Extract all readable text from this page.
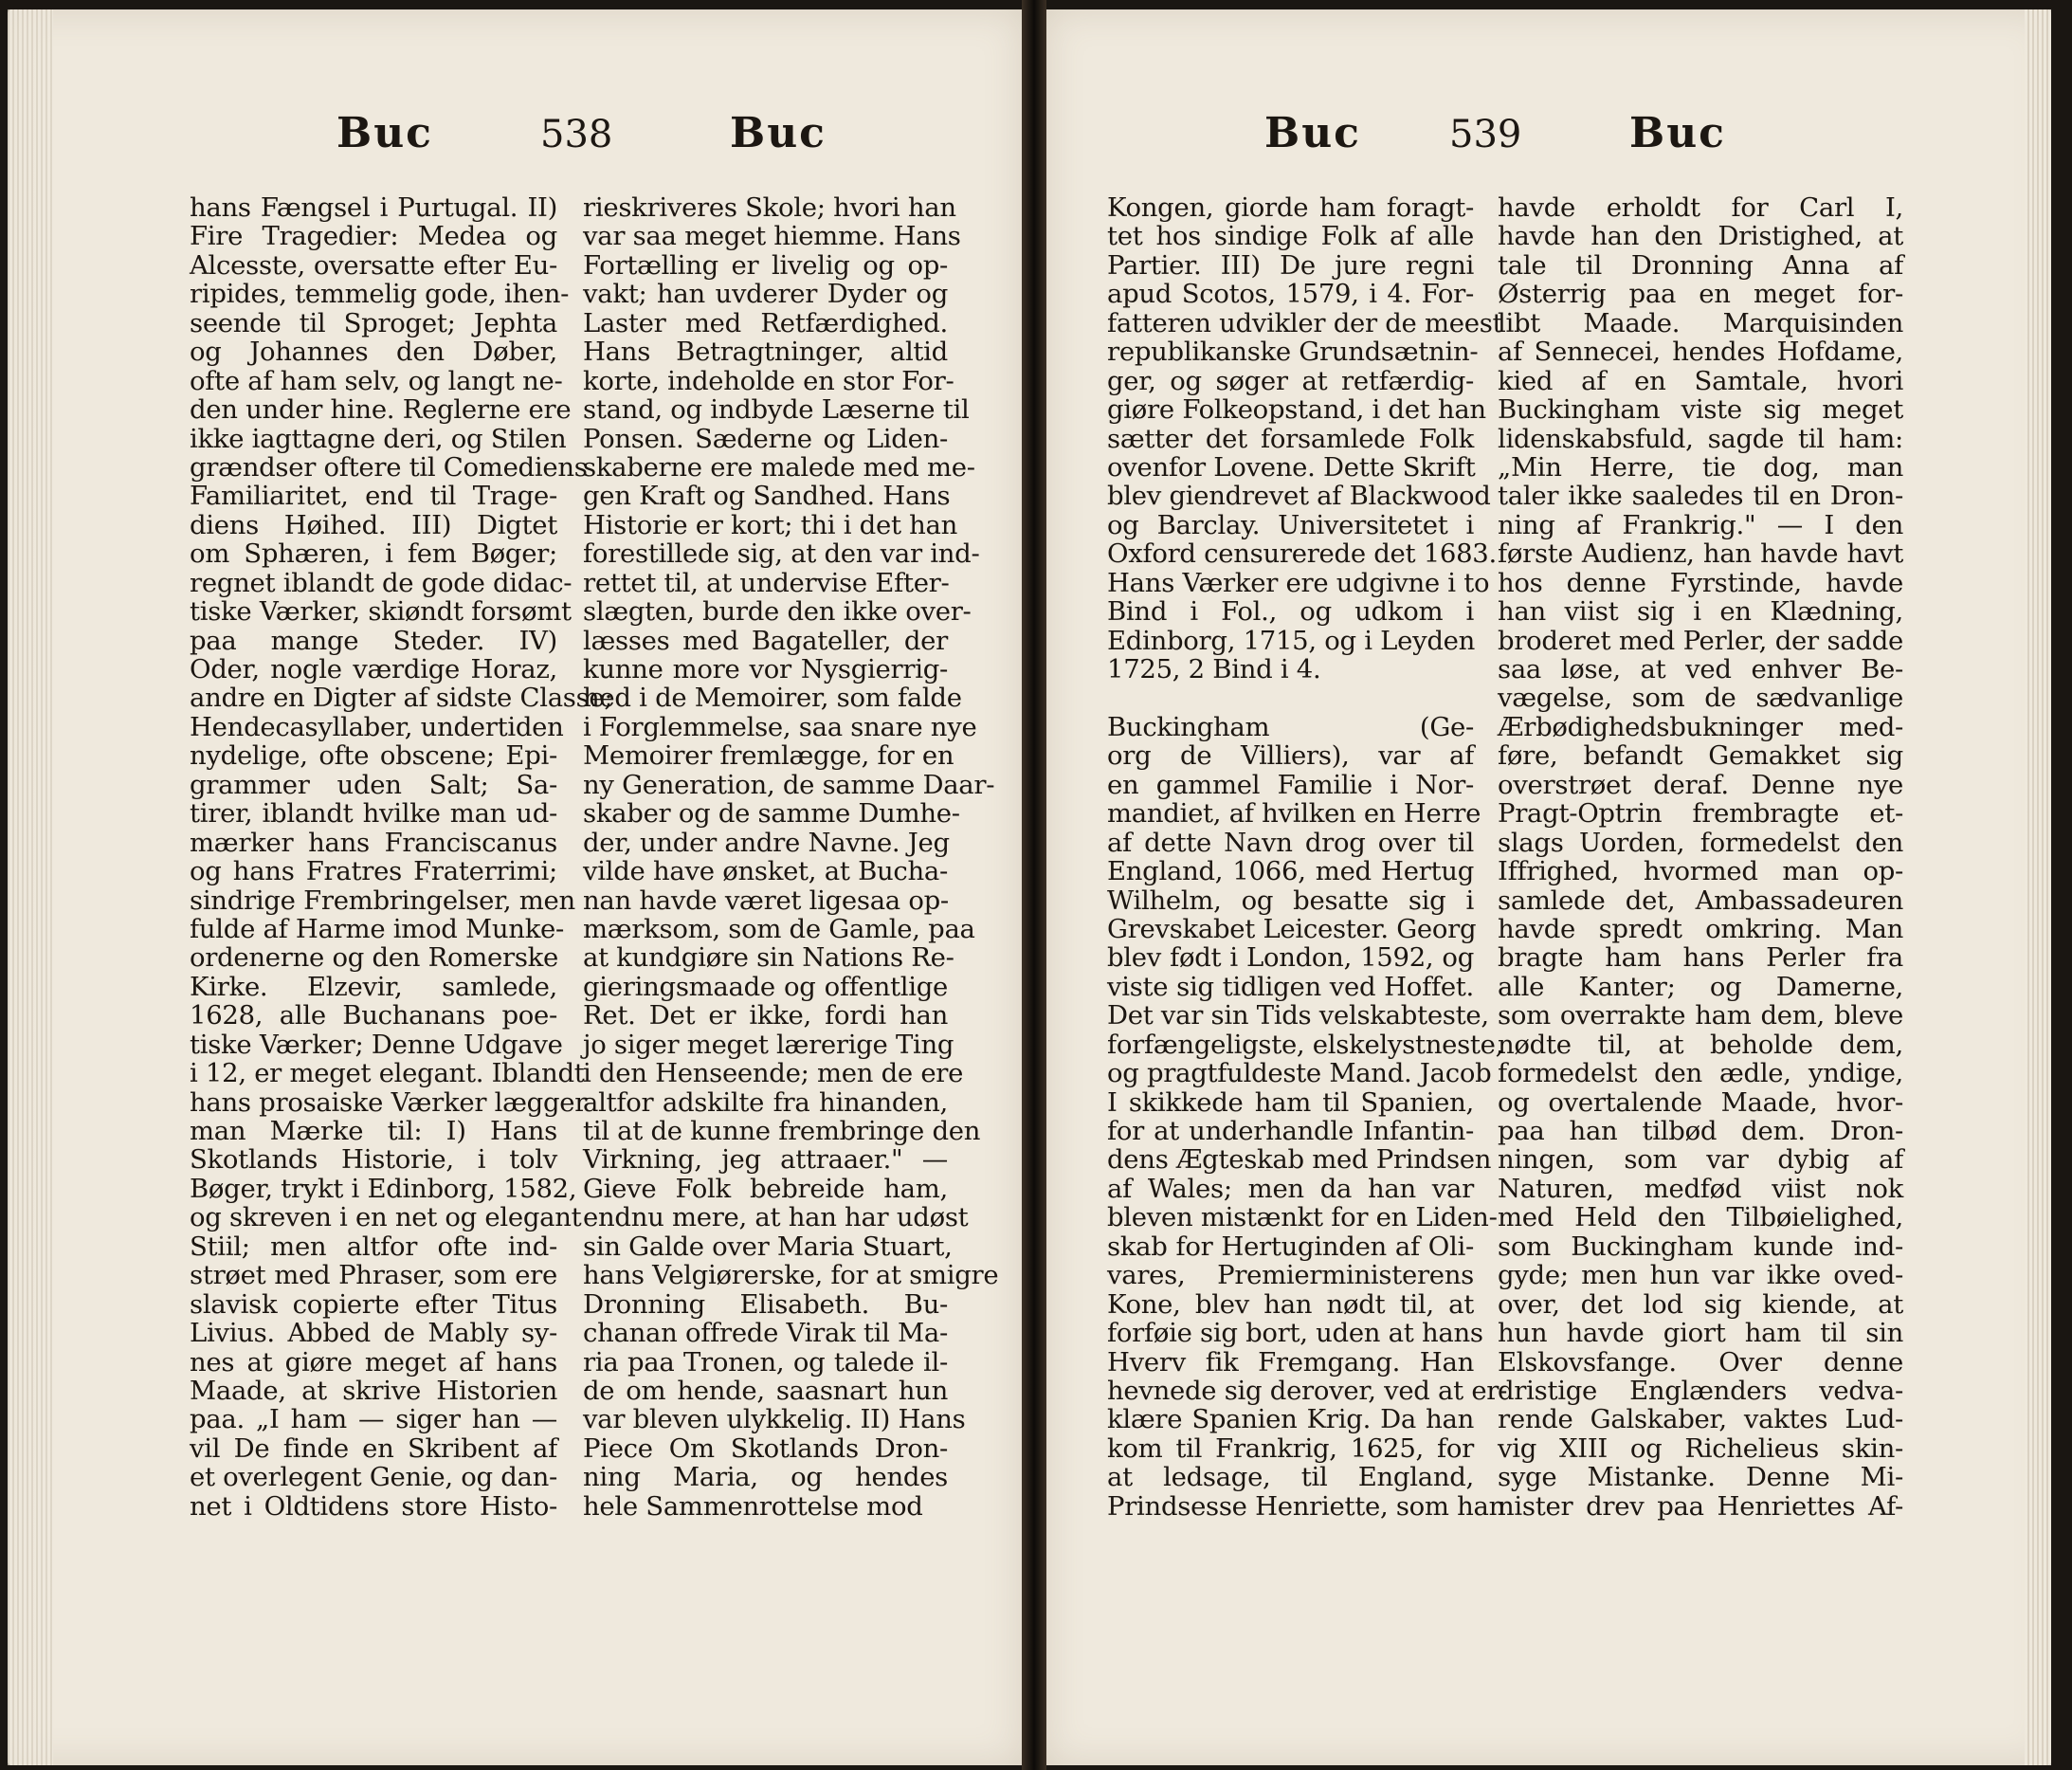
Buc	538	Buc	Buc 539	Buc
hans Fængsel i Purtugal. II)
Fire Tragedier: Medea og
Alcesste, oversatte efter Eu-
ripides, temmelig gode, ihen-
seende til Sproget; Jephta
og Johannes den Døber,
ofte af ham selv, og langt ne-
den under hine. Reglerne ere
ikke iagttagne deri, og Stilen
grændser oftere til Comediens
Familiaritet, end til Trage-
diens Høihed. III) Digtet
om Sphæren, i fem Bøger;
regnet iblandt de gode didac-
tiske Værker, skiøndt forsømt
paa mange Steder. IV)
Oder, nogle værdige Horaz,
andre en Digter af sidste Classe;
Hendecasyllaber, undertiden
nydelige, ofte obscene; Epi-
grammer uden Salt; Sa-
tirer, iblandt hvilke man ud-
mærker hans Franciscanus
og hans Fratres Fraterrimi;
sindrige Frembringelser, men
fulde af Harme imod Munke-
ordenerne og den Romerske
Kirke. Elzevir, samlede,
1628, alle Buchanans poe-
tiske Værker; Denne Udgave
i 12, er meget elegant. Iblandt
hans prosaiske Værker lægger
man Mærke til: I) Hans
Skotlands Historie, i tolv
Bøger, trykt i Edinborg, 1582,
og skreven i en net og elegant
Stiil; men altfor ofte ind-
strøet med Phraser, som ere
slavisk copierte efter Titus
Livius. Abbed de Mably sy-
nes at giøre meget af hans
Maade, at skrive Historien
paa. „I ham — siger han —
vil De finde en Skribent af
et overlegent Genie, og dan-
net i Oldtidens store Histo-
rieskriveres Skole; hvori han
var saa meget hiemme. Hans
Fortælling er livelig og op-
vakt; han uvderer Dyder og
Laster med Retfærdighed.
Hans Betragtninger, altid
korte, indeholde en stor For-
stand, og indbyde Læserne til
Ponsen. Sæderne og Liden-
skaberne ere malede med me-
gen Kraft og Sandhed. Hans
Historie er kort; thi i det han
forestillede sig, at den var ind-
rettet til, at undervise Efter-
slægten, burde den ikke over-
læsses med Bagateller, der
kunne more vor Nysgierrig-
hed i de Memoirer, som falde
i Forglemmelse, saa snare nye
Memoirer fremlægge, for en
ny Generation, de samme Daar-
skaber og de samme Dumhe-
der, under andre Navne. Jeg
vilde have ønsket, at Bucha-
nan havde været ligesaa op-
mærksom, som de Gamle, paa
at kundgiøre sin Nations Re-
gieringsmaade og offentlige
Ret. Det er ikke, fordi han
jo siger meget lærerige Ting
i den Henseende; men de ere
altfor adskilte fra hinanden,
til at de kunne frembringe den
Virkning, jeg attraaer." —
Gieve Folk bebreide ham,
endnu mere, at han har udøst
sin Galde over Maria Stuart,
hans Velgiørerske, for at smigre
Dronning Elisabeth. Bu-
chanan offrede Virak til Ma-
ria paa Tronen, og talede il-
de om hende, saasnart hun
var bleven ulykkelig. II) Hans
Piece Om Skotlands Dron-
ning Maria, og hendes
hele Sammenrottelse mod
Kongen, giorde ham foragt-
tet hos sindige Folk af alle
Partier. III) De jure regni
apud Scotos, 1579, i 4. For-
fatteren udvikler der de meest
republikanske Grundsætnin-
ger, og søger at retfærdig-
giøre Folkeopstand, i det han
sætter det forsamlede Folk
ovenfor Lovene. Dette Skrift
blev giendrevet af Blackwood
og Barclay. Universitetet i
Oxford censurerede det 1683.
Hans Værker ere udgivne i to
Bind i Fol., og udkom i
Edinborg, 1715, og i Leyden
1725, 2 Bind i 4.

Buckingham (Ge-
org de Villiers), var af
en gammel Familie i Nor-
mandiet, af hvilken en Herre
af dette Navn drog over til
England, 1066, med Hertug
Wilhelm, og besatte sig i
Grevskabet Leicester. Georg
blev født i London, 1592, og
viste sig tidligen ved Hoffet.
Det var sin Tids velskabteste,
forfængeligste, elskelystneste,
og pragtfuldeste Mand. Jacob
I skikkede ham til Spanien,
for at underhandle Infantin-
dens Ægteskab med Prindsen
af Wales; men da han var
bleven mistænkt for en Liden-
skab for Hertuginden af Oli-
vares, Premierministerens
Kone, blev han nødt til, at
forføie sig bort, uden at hans
Hverv fik Fremgang. Han
hevnede sig derover, ved at er-
klære Spanien Krig. Da han
kom til Frankrig, 1625, for
at ledsage, til England,
Prindsesse Henriette, som han
havde erholdt for Carl I,
havde han den Dristighed, at
tale til Dronning Anna af
Østerrig paa en meget for-
libt Maade. Marquisinden
af Sennecei, hendes Hofdame,
kied af en Samtale, hvori
Buckingham viste sig meget
lidenskabsfuld, sagde til ham:
„Min Herre, tie dog, man
taler ikke saaledes til en Dron-
ning af Frankrig." — I den
første Audienz, han havde havt
hos denne Fyrstinde, havde
han viist sig i en Klædning,
broderet med Perler, der sadde
saa løse, at ved enhver Be-
vægelse, som de sædvanlige
Ærbødighedsbukninger med-
føre, befandt Gemakket sig
overstrøet deraf. Denne nye
Pragt-Optrin frembragte et-
slags Uorden, formedelst den
Iffrighed, hvormed man op-
samlede det, Ambassadeuren
havde spredt omkring. Man
bragte ham hans Perler fra
alle Kanter; og Damerne,
som overrakte ham dem, bleve
nødte til, at beholde dem,
formedelst den ædle, yndige,
og overtalende Maade, hvor-
paa han tilbød dem. Dron-
ningen, som var dybig af
Naturen, medfød viist nok
med Held den Tilbøielighed,
som Buckingham kunde ind-
gyde; men hun var ikke oved-
over, det lod sig kiende, at
hun havde giort ham til sin
Elskovsfange. Over denne
dristige Englænders vedva-
rende Galskaber, vaktes Lud-
vig XIII og Richelieus skin-
syge Mistanke. Denne Mi-
nister drev paa Henriettes Af-
